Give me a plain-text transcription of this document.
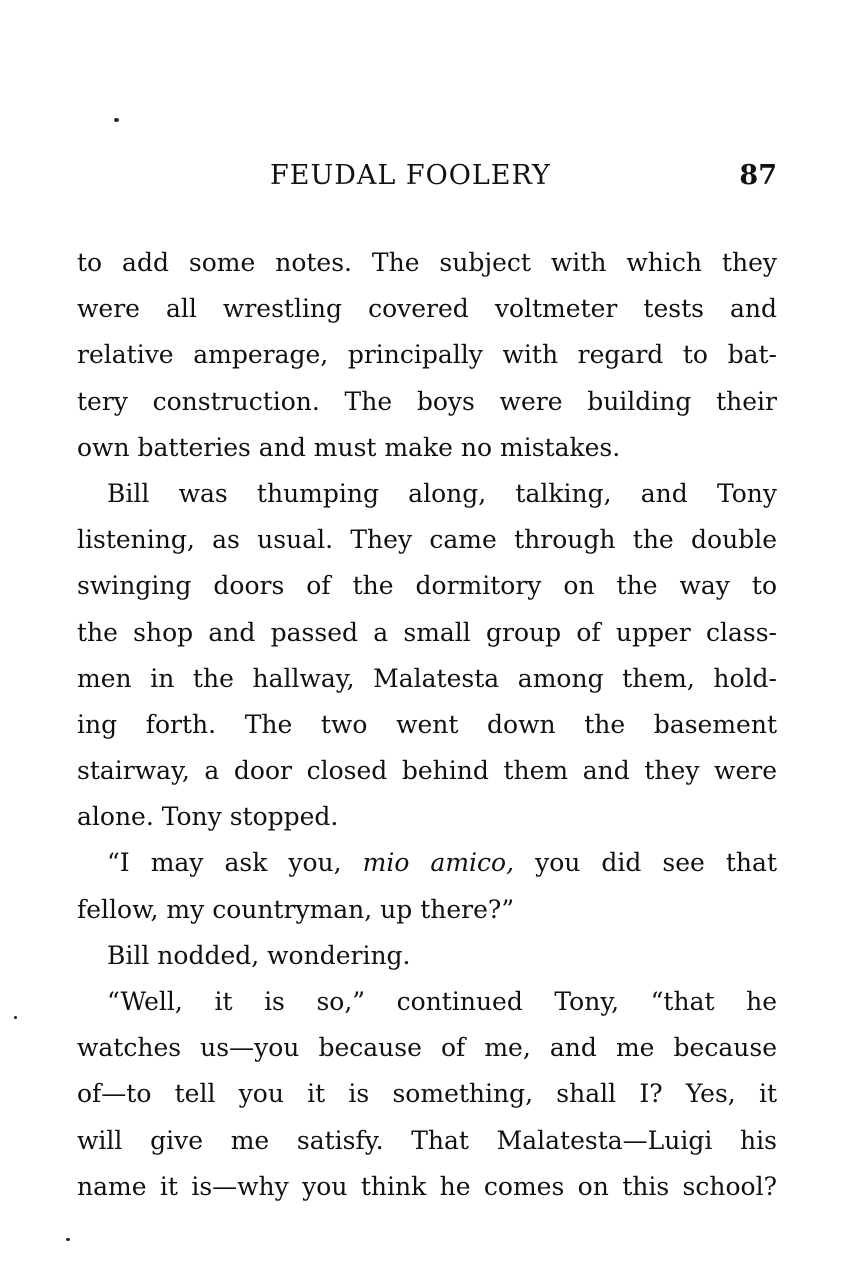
FEUDAL FOOLERY	87
to add some notes. The subject with which they
were all wrestling covered voltmeter tests and
relative amperage, principally with regard to bat-
tery construction. The boys were building their
own batteries and must make no mistakes.
Bill was thumping along, talking, and Tony
listening, as usual. They came through the double
swinging doors of the dormitory on the way to
the shop and passed a small group of upper class-
men in the hallway, Malatesta among them, hold-
ing forth. The two went down the basement
stairway, a door closed behind them and they were
alone. Tony stopped.
“I may ask you, mio amico, you did see that
fellow, my countryman, up there?”
Bill nodded, wondering.
“Well, it is so,” continued Tony, “that he
watches us—you because of me, and me because
of—to tell you it is something, shall I? Yes, it
will give me satisfy. That Malatesta—Luigi his
name it is—why you think he comes on this school?
